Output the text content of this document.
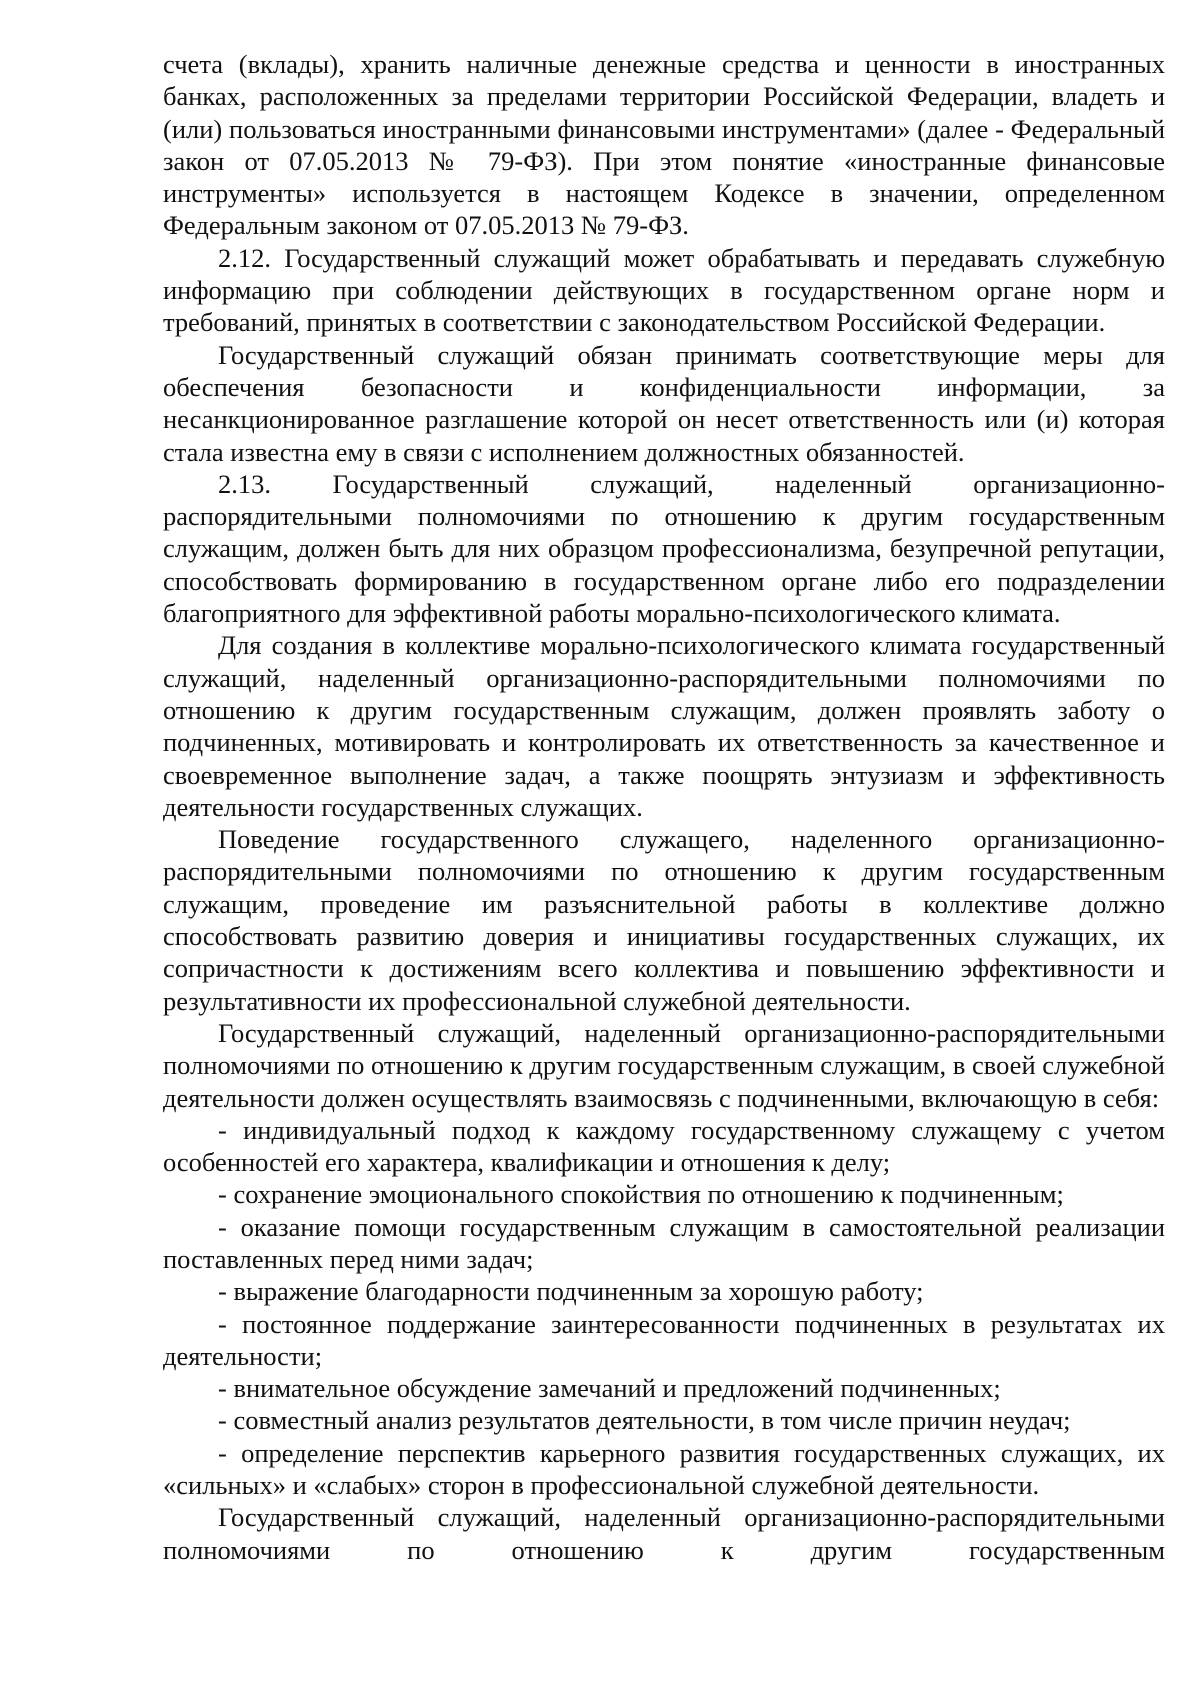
счета (вклады), хранить наличные денежные средства и ценности в иностранных банках, расположенных за пределами территории Российской Федерации, владеть и (или) пользоваться иностранными финансовыми инструментами» (далее - Федеральный закон от 07.05.2013 № 79-ФЗ). При этом понятие «иностранные финансовые инструменты» используется в настоящем Кодексе в значении, определенном Федеральным законом от 07.05.2013 № 79-ФЗ.

2.12. Государственный служащий может обрабатывать и передавать служебную информацию при соблюдении действующих в государственном органе норм и требований, принятых в соответствии с законодательством Российской Федерации.

Государственный служащий обязан принимать соответствующие меры для обеспечения безопасности и конфиденциальности информации, за несанкционированное разглашение которой он несет ответственность или (и) которая стала известна ему в связи с исполнением должностных обязанностей.

2.13. Государственный служащий, наделенный организационно-распорядительными полномочиями по отношению к другим государственным служащим, должен быть для них образцом профессионализма, безупречной репутации, способствовать формированию в государственном органе либо его подразделении благоприятного для эффективной работы морально-психологического климата.

Для создания в коллективе морально-психологического климата государственный служащий, наделенный организационно-распорядительными полномочиями по отношению к другим государственным служащим, должен проявлять заботу о подчиненных, мотивировать и контролировать их ответственность за качественное и своевременное выполнение задач, а также поощрять энтузиазм и эффективность деятельности государственных служащих.

Поведение государственного служащего, наделенного организационно-распорядительными полномочиями по отношению к другим государственным служащим, проведение им разъяснительной работы в коллективе должно способствовать развитию доверия и инициативы государственных служащих, их сопричастности к достижениям всего коллектива и повышению эффективности и результативности их профессиональной служебной деятельности.

Государственный служащий, наделенный организационно-распорядительными полномочиями по отношению к другим государственным служащим, в своей служебной деятельности должен осуществлять взаимосвязь с подчиненными, включающую в себя:

- индивидуальный подход к каждому государственному служащему с учетом особенностей его характера, квалификации и отношения к делу;

- сохранение эмоционального спокойствия по отношению к подчиненным;

- оказание помощи государственным служащим в самостоятельной реализации поставленных перед ними задач;

- выражение благодарности подчиненным за хорошую работу;

- постоянное поддержание заинтересованности подчиненных в результатах их деятельности;

- внимательное обсуждение замечаний и предложений подчиненных;

- совместный анализ результатов деятельности, в том числе причин неудач;

- определение перспектив карьерного развития государственных служащих, их «сильных» и «слабых» сторон в профессиональной служебной деятельности.

Государственный служащий, наделенный организационно-распорядительными полномочиями по отношению к другим государственным
